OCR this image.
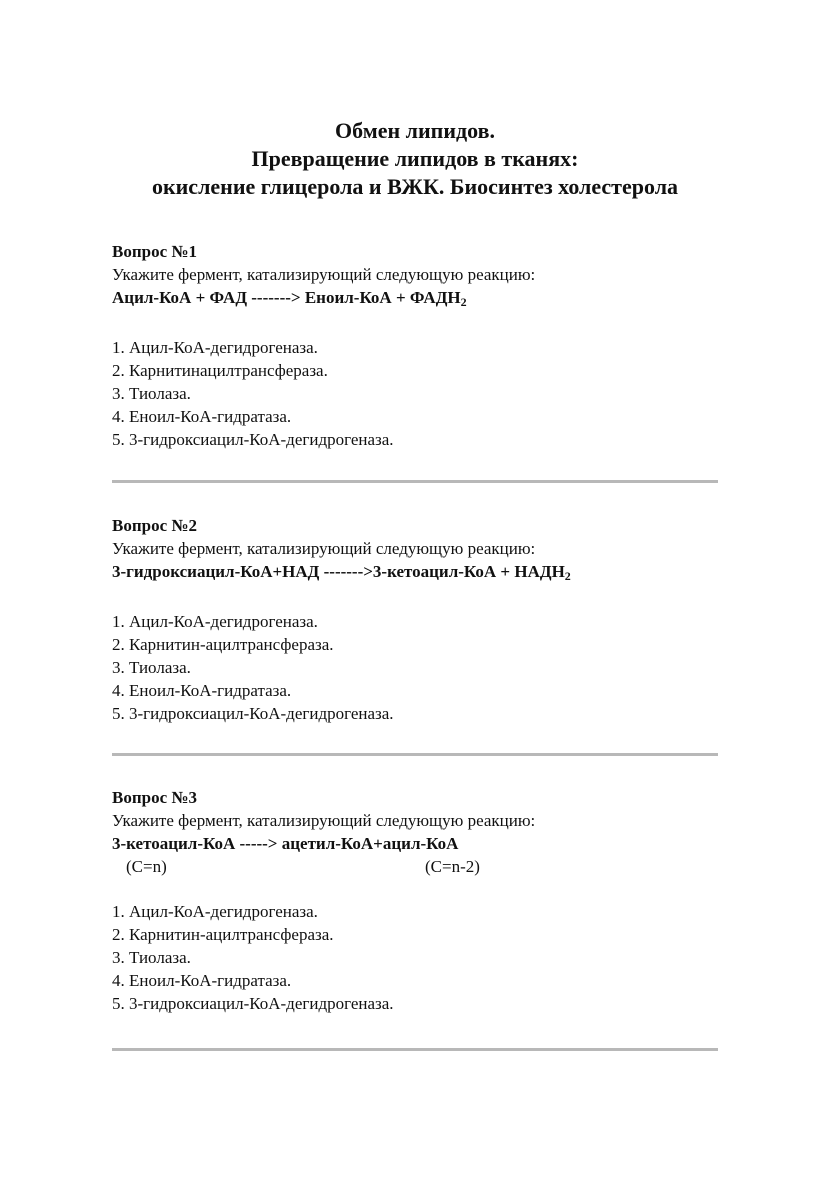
Обмен липидов.
Превращение липидов в тканях:
окисление глицерола и ВЖК. Биосинтез холестерола
Вопрос №1
Укажите фермент, катализирующий следующую реакцию:
Ацил-КоА + ФАД -------> Еноил-КоА + $ФАДН_2$
1. Ацил-КоА-дегидрогеназа.
2. Карнитинацилтрансфераза.
3. Тиолаза.
4. Еноил-КоА-гидратаза.
5. 3-гидроксиацил-КоА-дегидрогеназа.
Вопрос №2
Укажите фермент, катализирующий следующую реакцию:
3-гидроксиацил-КоА+НАД ------->3-кетоацил-КоА + $НАДН_2$
1. Ацил-КоА-дегидрогеназа.
2. Карнитин-ацилтрансфераза.
3. Тиолаза.
4. Еноил-КоА-гидратаза.
5. 3-гидроксиацил-КоА-дегидрогеназа.
Вопрос №3
Укажите фермент, катализирующий следующую реакцию:
3-кетоацил-КоА -----> ацетил-КоА+ацил-КоА
(C=n)	(C=n-2)
1. Ацил-КоА-дегидрогеназа.
2. Карнитин-ацилтрансфераза.
3. Тиолаза.
4. Еноил-КоА-гидратаза.
5. 3-гидроксиацил-КоА-дегидрогеназа.
